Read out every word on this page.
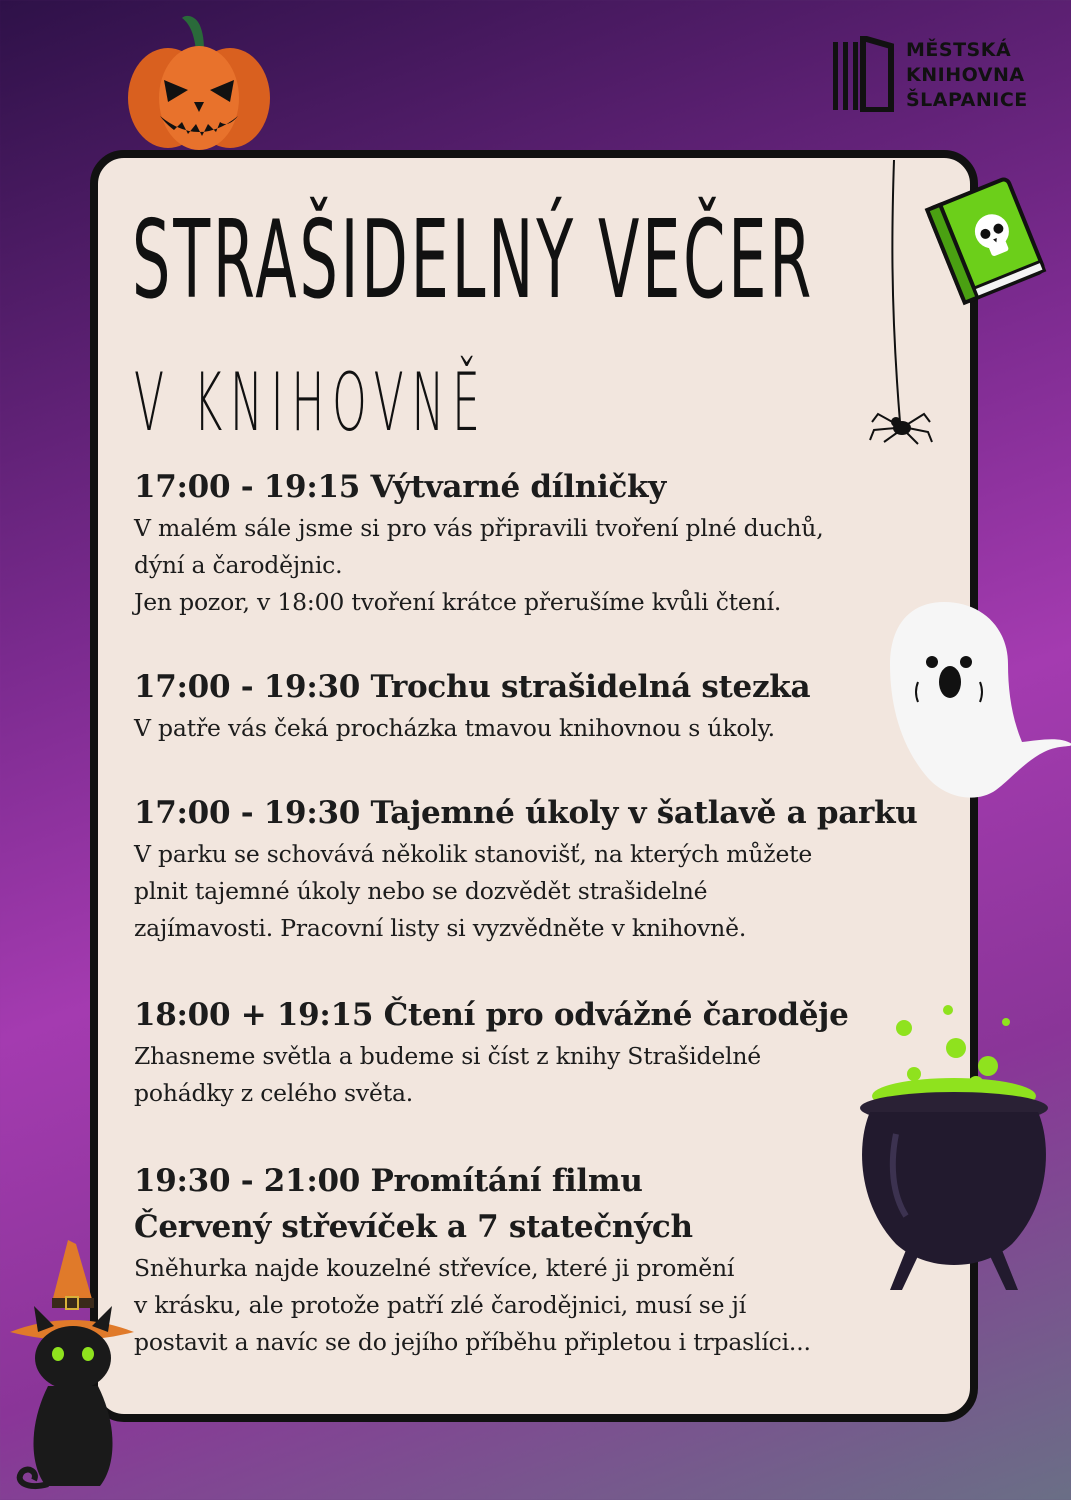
MĚSTSKÁ
KNIHOVNA
ŠLAPANICE
STRAŠIDELNÝ VEČER
V KNIHOVNĚ
17:00 - 19:15 Výtvarné dílničky

V malém sále jsme si pro vás připravili tvoření plné duchů,

dýní a čarodějnic.

Jen pozor, v 18:00 tvoření krátce přerušíme kvůli čtení.

17:00 - 19:30 Trochu strašidelná stezka

V patře vás čeká procházka tmavou knihovnou s úkoly.

17:00 - 19:30 Tajemné úkoly v šatlavě a parku

V parku se schovává několik stanovišť, na kterých můžete

plnit tajemné úkoly nebo se dozvědět strašidelné

zajímavosti. Pracovní listy si vyzvědněte v knihovně.

18:00 + 19:15 Čtení pro odvážné čaroděje

Zhasneme světla a budeme si číst z knihy Strašidelné

pohádky z celého světa.

19:30 - 21:00 Promítání filmu
Červený střevíček a 7 statečných

Sněhurka najde kouzelné střevíce, které ji promění

v krásku, ale protože patří zlé čarodějnici, musí se jí

postavit a navíc se do jejího příběhu připletou i trpaslíci...
